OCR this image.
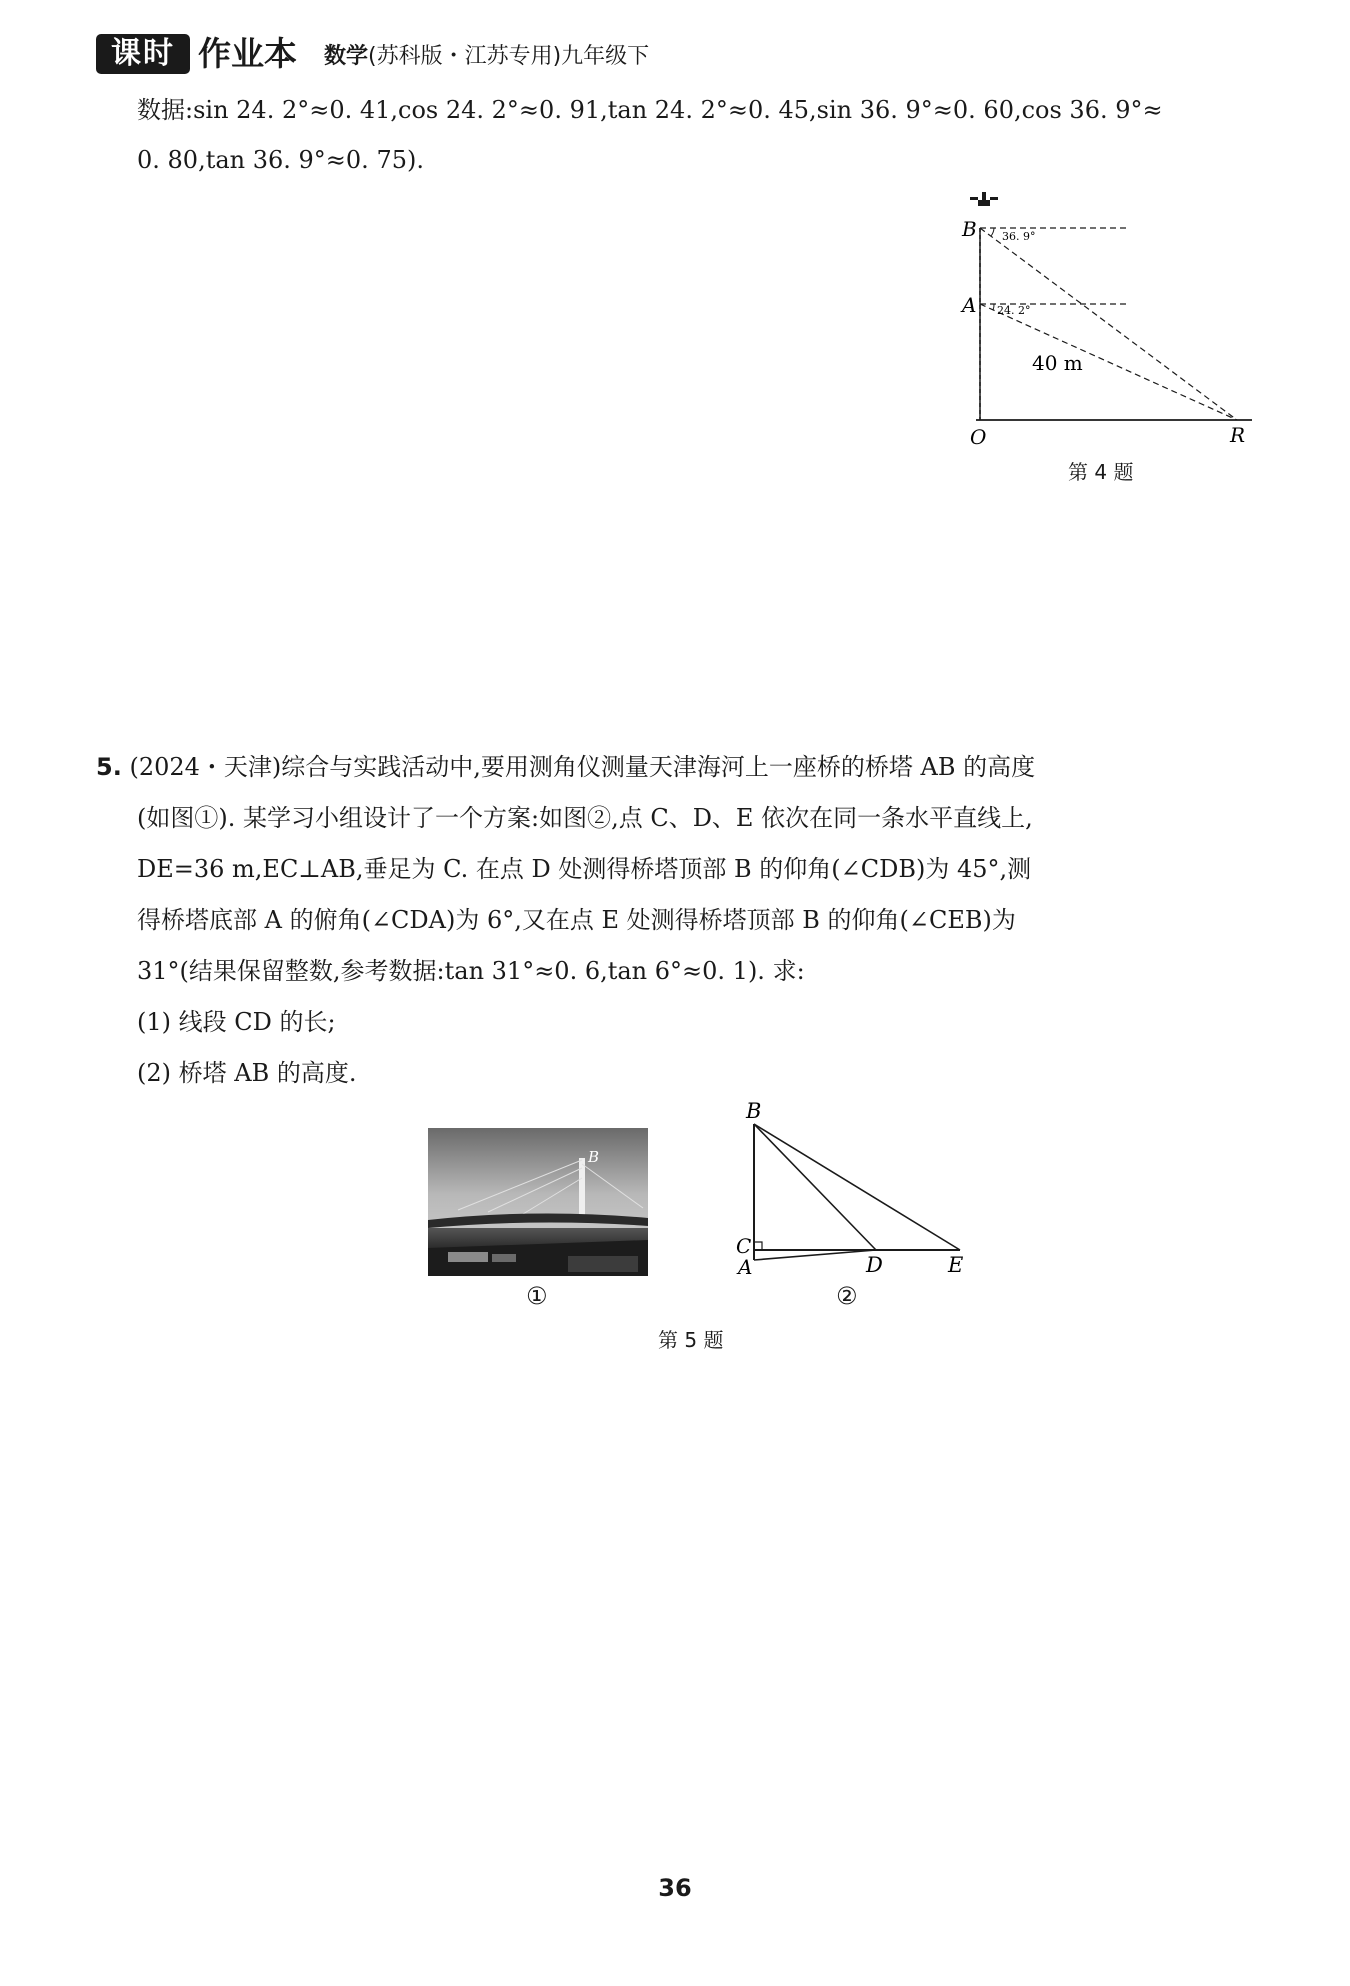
课时 作业本 数学(苏科版・江苏专用)九年级下
数据:sin 24. 2°≈0. 41,cos 24. 2°≈0. 91,tan 24. 2°≈0. 45,sin 36. 9°≈0. 60,cos 36. 9°≈
0. 80,tan 36. 9°≈0. 75).
B
A
O	R
36. 9°
24. 2°
40 m
第 4 题
5. (2024・天津)综合与实践活动中,要用测角仪测量天津海河上一座桥的桥塔 AB 的高度
(如图①). 某学习小组设计了一个方案:如图②,点 C、D、E 依次在同一条水平直线上,
DE=36 m,EC⊥AB,垂足为 C. 在点 D 处测得桥塔顶部 B 的仰角(∠CDB)为 45°,测
得桥塔底部 A 的俯角(∠CDA)为 6°,又在点 E 处测得桥塔顶部 B 的仰角(∠CEB)为
31°(结果保留整数,参考数据:tan 31°≈0. 6,tan 6°≈0. 1). 求:
(1) 线段 CD 的长;
(2) 桥塔 AB 的高度.
B
①
B
C
A	D	E
②
第 5 题
36
